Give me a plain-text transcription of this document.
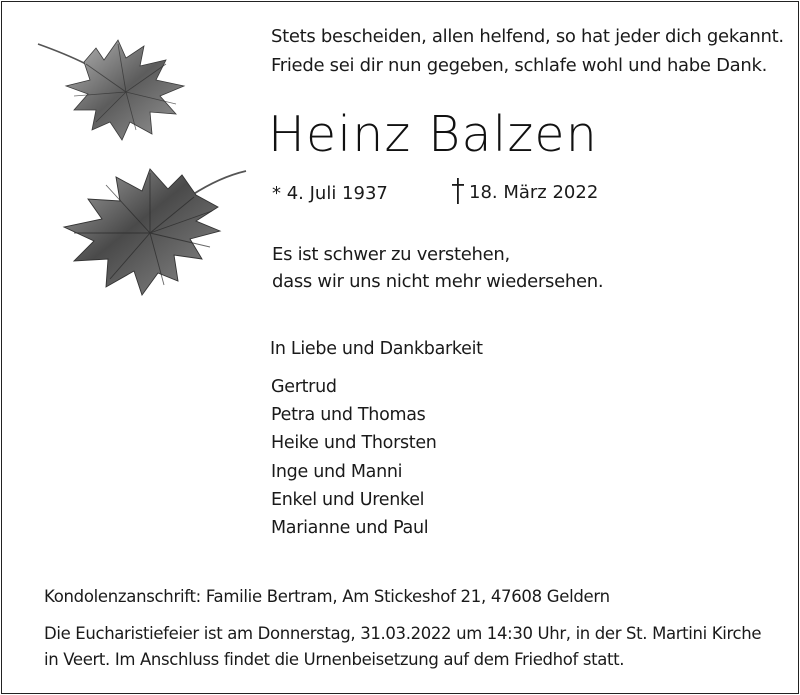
Stets bescheiden, allen helfend, so hat jeder dich gekannt.
Friede sei dir nun gegeben, schlafe wohl und habe Dank.
Heinz Balzen
* 4. Juli 1937	18. März 2022
Es ist schwer zu verstehen,
dass wir uns nicht mehr wiedersehen.
In Liebe und Dankbarkeit
Gertrud
Petra und Thomas
Heike und Thorsten
Inge und Manni
Enkel und Urenkel
Marianne und Paul
Kondolenzanschrift: Familie Bertram, Am Stickeshof 21, 47608 Geldern
Die Eucharistiefeier ist am Donnerstag, 31.03.2022 um 14:30 Uhr, in der St. Martini Kirche
in Veert. Im Anschluss findet die Urnenbeisetzung auf dem Friedhof statt.
